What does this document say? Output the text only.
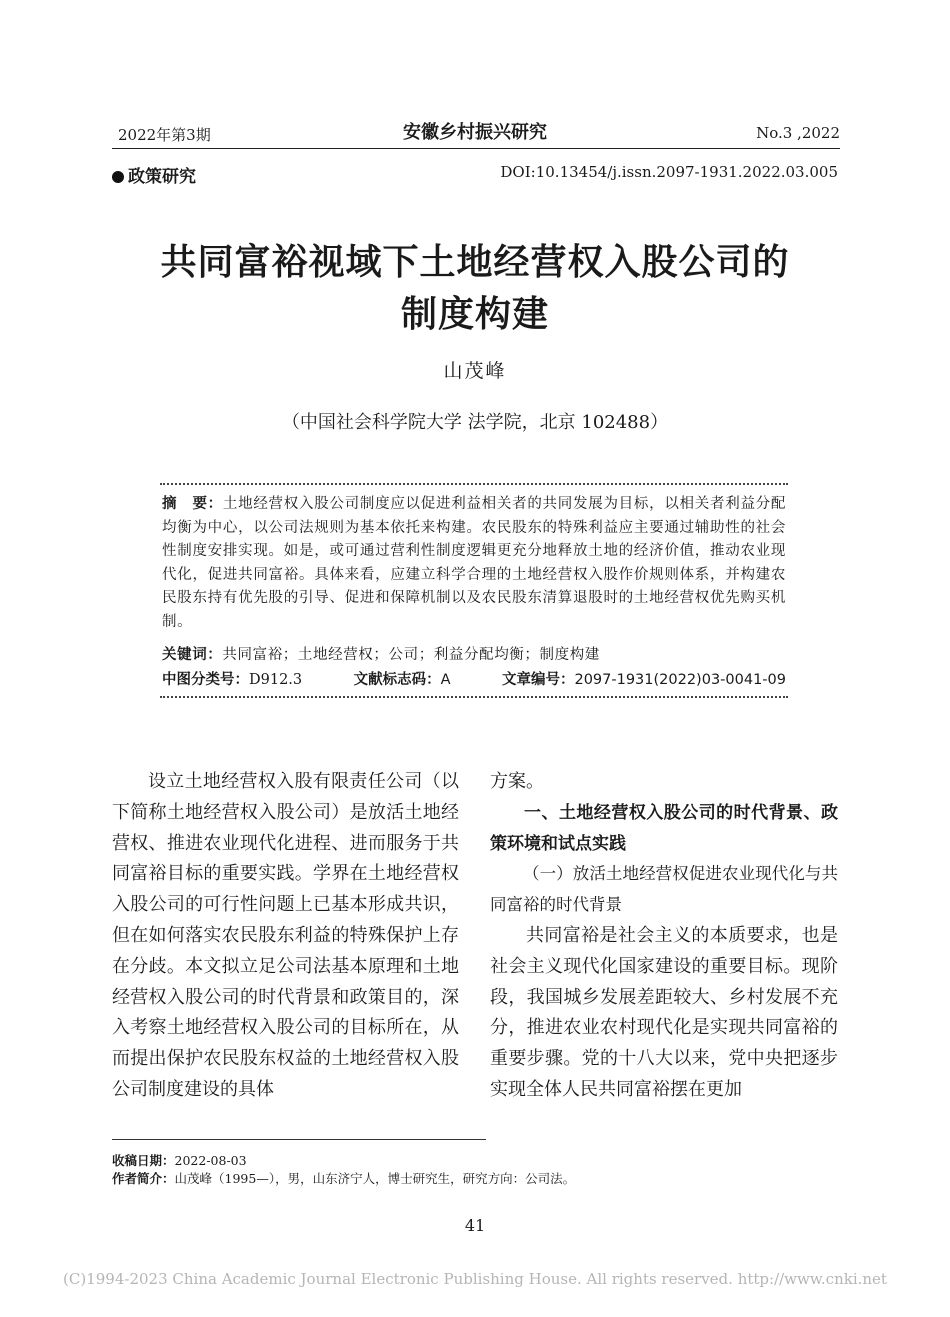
2022年第3期	安徽乡村振兴研究	No.3 ,2022
政策研究	DOI:10.13454/j.issn.2097-1931.2022.03.005
共同富裕视域下土地经营权入股公司的
制度构建
山茂峰
（中国社会科学院大学 法学院，北京 102488）
摘　要：土地经营权入股公司制度应以促进利益相关者的共同发展为目标，以相关者利益分配均衡为中心，以公司法规则为基本依托来构建。农民股东的特殊利益应主要通过辅助性的社会性制度安排实现。如是，或可通过营利性制度逻辑更充分地释放土地的经济价值，推动农业现代化，促进共同富裕。具体来看，应建立科学合理的土地经营权入股作价规则体系，并构建农民股东持有优先股的引导、促进和保障机制以及农民股东清算退股时的土地经营权优先购买机制。
关键词：共同富裕；土地经营权；公司；利益分配均衡；制度构建
中图分类号：D912.3	文献标志码：A	文章编号：2097-1931(2022)03-0041-09
设立土地经营权入股有限责任公司（以下简称土地经营权入股公司）是放活土地经营权、推进农业现代化进程、进而服务于共同富裕目标的重要实践。学界在土地经营权入股公司的可行性问题上已基本形成共识，但在如何落实农民股东利益的特殊保护上存在分歧。本文拟立足公司法基本原理和土地经营权入股公司的时代背景和政策目的，深入考察土地经营权入股公司的目标所在，从而提出保护农民股东权益的土地经营权入股公司制度建设的具体
方案。
一、土地经营权入股公司的时代背景、政策环境和试点实践
（一）放活土地经营权促进农业现代化与共同富裕的时代背景
共同富裕是社会主义的本质要求，也是社会主义现代化国家建设的重要目标。现阶段，我国城乡发展差距较大、乡村发展不充分，推进农业农村现代化是实现共同富裕的重要步骤。党的十八大以来，党中央把逐步实现全体人民共同富裕摆在更加
收稿日期：2022-08-03
作者简介：山茂峰（1995—），男，山东济宁人，博士研究生，研究方向：公司法。
41
(C)1994-2023 China Academic Journal Electronic Publishing House. All rights reserved. http://www.cnki.net
